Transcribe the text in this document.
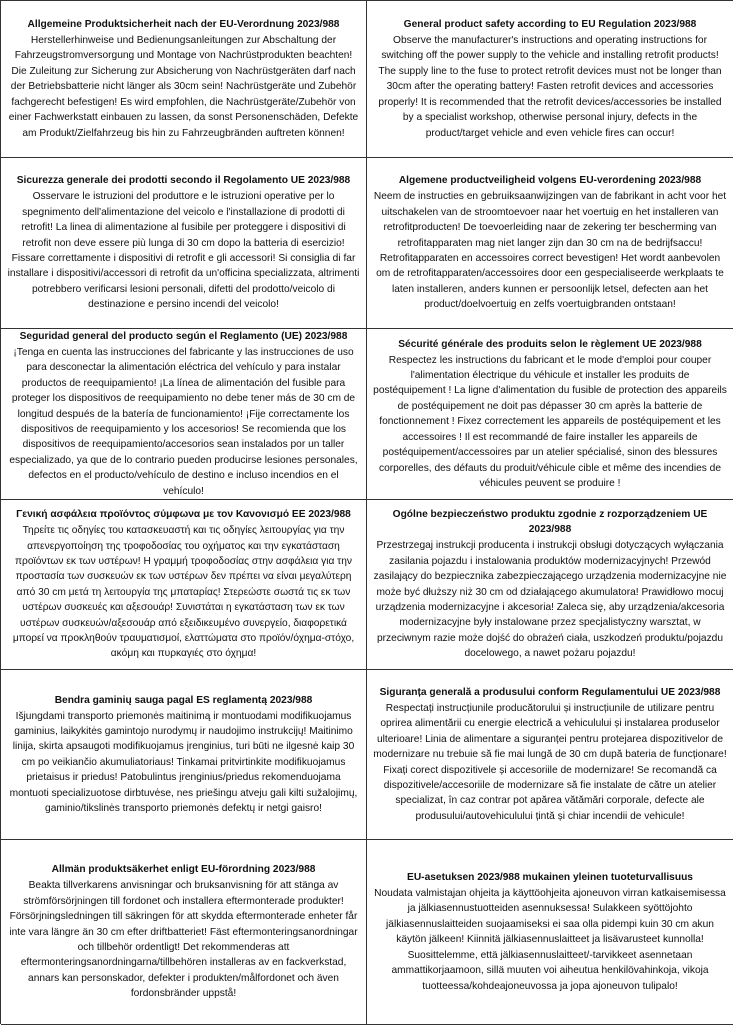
Allgemeine Produktsicherheit nach der EU-Verordnung 2023/988

Herstellerhinweise und Bedienungsanleitungen zur Abschaltung der Fahrzeugstromversorgung und Montage von Nachrüstprodukten beachten! Die Zuleitung zur Sicherung zur Absicherung von Nachrüstgeräten darf nach der Betriebsbatterie nicht länger als 30cm sein! Nachrüstgeräte und Zubehör fachgerecht befestigen! Es wird empfohlen, die Nachrüstgeräte/Zubehör von einer Fachwerkstatt einbauen zu lassen, da sonst Personenschäden, Defekte am Produkt/Zielfahrzeug bis hin zu Fahrzeugbränden auftreten können!

General product safety according to EU Regulation 2023/988

Observe the manufacturer's instructions and operating instructions for switching off the power supply to the vehicle and installing retrofit products! The supply line to the fuse to protect retrofit devices must not be longer than 30cm after the operating battery! Fasten retrofit devices and accessories properly! It is recommended that the retrofit devices/accessories be installed by a specialist workshop, otherwise personal injury, defects in the product/target vehicle and even vehicle fires can occur!

Sicurezza generale dei prodotti secondo il Regolamento UE 2023/988

Osservare le istruzioni del produttore e le istruzioni operative per lo spegnimento dell'alimentazione del veicolo e l'installazione di prodotti di retrofit! La linea di alimentazione al fusibile per proteggere i dispositivi di retrofit non deve essere più lunga di 30 cm dopo la batteria di esercizio! Fissare correttamente i dispositivi di retrofit e gli accessori! Si consiglia di far installare i dispositivi/accessori di retrofit da un'officina specializzata, altrimenti potrebbero verificarsi lesioni personali, difetti del prodotto/veicolo di destinazione e persino incendi del veicolo!

Algemene productveiligheid volgens EU-verordening 2023/988

Neem de instructies en gebruiksaanwijzingen van de fabrikant in acht voor het uitschakelen van de stroomtoevoer naar het voertuig en het installeren van retrofitproducten! De toevoerleiding naar de zekering ter bescherming van retrofitapparaten mag niet langer zijn dan 30 cm na de bedrijfsaccu! Retrofitapparaten en accessoires correct bevestigen! Het wordt aanbevolen om de retrofitapparaten/accessoires door een gespecialiseerde werkplaats te laten installeren, anders kunnen er persoonlijk letsel, defecten aan het product/doelvoertuig en zelfs voertuigbranden ontstaan!

Seguridad general del producto según el Reglamento (UE) 2023/988

¡Tenga en cuenta las instrucciones del fabricante y las instrucciones de uso para desconectar la alimentación eléctrica del vehículo y para instalar productos de reequipamiento! ¡La línea de alimentación del fusible para proteger los dispositivos de reequipamiento no debe tener más de 30 cm de longitud después de la batería de funcionamiento! ¡Fije correctamente los dispositivos de reequipamiento y los accesorios! Se recomienda que los dispositivos de reequipamiento/accesorios sean instalados por un taller especializado, ya que de lo contrario pueden producirse lesiones personales, defectos en el producto/vehículo de destino e incluso incendios en el vehículo!

Sécurité générale des produits selon le règlement UE 2023/988

Respectez les instructions du fabricant et le mode d'emploi pour couper l'alimentation électrique du véhicule et installer les produits de postéquipement ! La ligne d'alimentation du fusible de protection des appareils de postéquipement ne doit pas dépasser 30 cm après la batterie de fonctionnement ! Fixez correctement les appareils de postéquipement et les accessoires ! Il est recommandé de faire installer les appareils de postéquipement/accessoires par un atelier spécialisé, sinon des blessures corporelles, des défauts du produit/véhicule cible et même des incendies de véhicules peuvent se produire !

Γενική ασφάλεια προϊόντος σύμφωνα με τον Κανονισμό ΕΕ 2023/988

Τηρείτε τις οδηγίες του κατασκευαστή και τις οδηγίες λειτουργίας για την απενεργοποίηση της τροφοδοσίας του οχήματος και την εγκατάσταση προϊόντων εκ των υστέρων! Η γραμμή τροφοδοσίας στην ασφάλεια για την προστασία των συσκευών εκ των υστέρων δεν πρέπει να είναι μεγαλύτερη από 30 cm μετά τη λειτουργία της μπαταρίας! Στερεώστε σωστά τις εκ των υστέρων συσκευές και αξεσουάρ! Συνιστάται η εγκατάσταση των εκ των υστέρων συσκευών/αξεσουάρ από εξειδικευμένο συνεργείο, διαφορετικά μπορεί να προκληθούν τραυματισμοί, ελαττώματα στο προϊόν/όχημα-στόχο, ακόμη και πυρκαγιές στο όχημα!

Ogólne bezpieczeństwo produktu zgodnie z rozporządzeniem UE 2023/988

Przestrzegaj instrukcji producenta i instrukcji obsługi dotyczących wyłączania zasilania pojazdu i instalowania produktów modernizacyjnych! Przewód zasilający do bezpiecznika zabezpieczającego urządzenia modernizacyjne nie może być dłuższy niż 30 cm od działającego akumulatora! Prawidłowo mocuj urządzenia modernizacyjne i akcesoria! Zaleca się, aby urządzenia/akcesoria modernizacyjne były instalowane przez specjalistyczny warsztat, w przeciwnym razie może dojść do obrażeń ciała, uszkodzeń produktu/pojazdu docelowego, a nawet pożaru pojazdu!

Bendra gaminių sauga pagal ES reglamentą 2023/988

Išjungdami transporto priemonės maitinimą ir montuodami modifikuojamus gaminius, laikykitės gamintojo nurodymų ir naudojimo instrukcijų! Maitinimo linija, skirta apsaugoti modifikuojamus įrenginius, turi būti ne ilgesnė kaip 30 cm po veikiančio akumuliatoriaus! Tinkamai pritvirtinkite modifikuojamus prietaisus ir priedus! Patobulintus įrenginius/priedus rekomenduojama montuoti specializuotose dirbtuvėse, nes priešingu atveju gali kilti sužalojimų, gaminio/tikslinės transporto priemonės defektų ir netgi gaisro!

Siguranța generală a produsului conform Regulamentului UE 2023/988

Respectați instrucțiunile producătorului și instrucțiunile de utilizare pentru oprirea alimentării cu energie electrică a vehiculului și instalarea produselor ulterioare! Linia de alimentare a siguranței pentru protejarea dispozitivelor de modernizare nu trebuie să fie mai lungă de 30 cm după bateria de funcționare! Fixați corect dispozitivele și accesoriile de modernizare! Se recomandă ca dispozitivele/accesoriile de modernizare să fie instalate de către un atelier specializat, în caz contrar pot apărea vătămări corporale, defecte ale produsului/autovehiculului țintă și chiar incendii de vehicule!

Allmän produktsäkerhet enligt EU-förordning 2023/988

Beakta tillverkarens anvisningar och bruksanvisning för att stänga av strömförsörjningen till fordonet och installera eftermonterade produkter! Försörjningsledningen till säkringen för att skydda eftermonterade enheter får inte vara längre än 30 cm efter driftbatteriet! Fäst eftermonteringsanordningar och tillbehör ordentligt! Det rekommenderas att eftermonteringsanordningarna/tillbehören installeras av en fackverkstad, annars kan personskador, defekter i produkten/målfordonet och även fordonsbränder uppstå!

EU-asetuksen 2023/988 mukainen yleinen tuoteturvallisuus

Noudata valmistajan ohjeita ja käyttöohjeita ajoneuvon virran katkaisemisessa ja jälkiasennustuotteiden asennuksessa! Sulakkeen syöttöjohto jälkiasennuslaitteiden suojaamiseksi ei saa olla pidempi kuin 30 cm akun käytön jälkeen! Kiinnitä jälkiasennuslaitteet ja lisävarusteet kunnolla! Suosittelemme, että jälkiasennuslaitteet/-tarvikkeet asennetaan ammattikorjaamoon, sillä muuten voi aiheutua henkilövahinkoja, vikoja tuotteessa/kohdeajoneuvossa ja jopa ajoneuvon tulipalo!
